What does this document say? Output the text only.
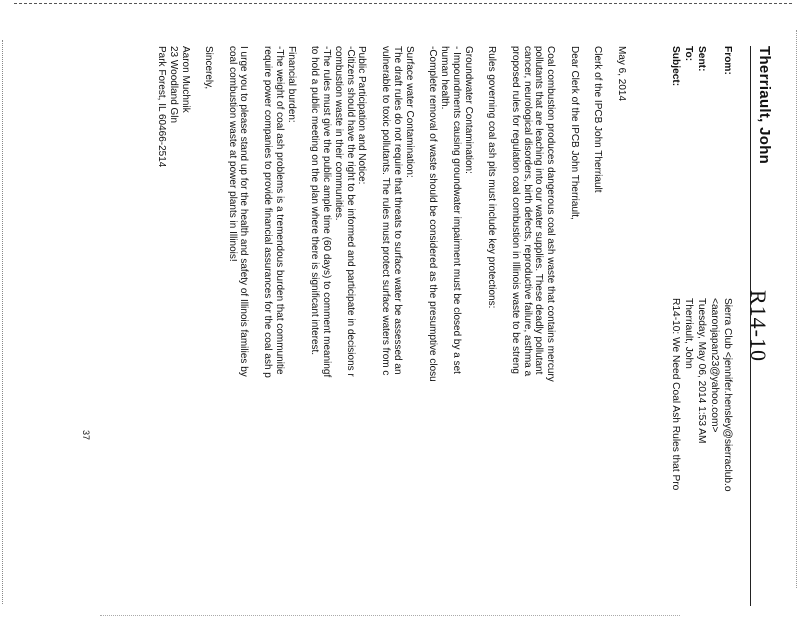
Therriault, John
R14-10
From:
Sierra Club <jennifer.hensley@sierraclub.o
<aaronjapan23@yahoo.com>
Sent:
Tuesday, May 06, 2014 1:53 AM
To:
Therriault, John
Subject:
R14-10: We Need Coal Ash Rules that Pro

May 6, 2014

Clerk of the IPCB John Therriault

Dear Clerk of the IPCB John Therriault,

Coal combustion produces dangerous coal ash waste that contains mercury

pollutants that are leaching into our water supplies. These deadly pollutant

cancer, neurological disorders, birth defects, reproductive failure, asthma a

proposed rules for regulation coal combustion in Illinois waste to be streng

Rules governing coal ash pits must include key protections:

Groundwater Contamination:

- Impoundments causing groundwater impairment must be closed by a set

human health.

-Complete removal of waste should be considered as the presumptive closu

Surface water Contamination:

The draft rules do not require that threats to surface water be assessed an

vulnerable to toxic pollutants. The rules must protect surface waters from c

Public Participation and Notice:

-Citizens should have the right to be informed and participate in decisions r

combustion waste in their communities.

-The rules must give the public ample time (60 days) to comment meaningf

to hold a public meeting on the plan where there is significant interest.

Financial burden:

-The weight of coal ash problems is a tremendous burden that communitie

require power companies to provide financial assurances for the coal ash p

I urge you to please stand up for the health and safety of Illinois families by

coal combustion waste at power plants in Illinois!

Sincerely,

Aaron Muchnik

23 Woodland Gln

Park Forest, IL 60466-2514

37
